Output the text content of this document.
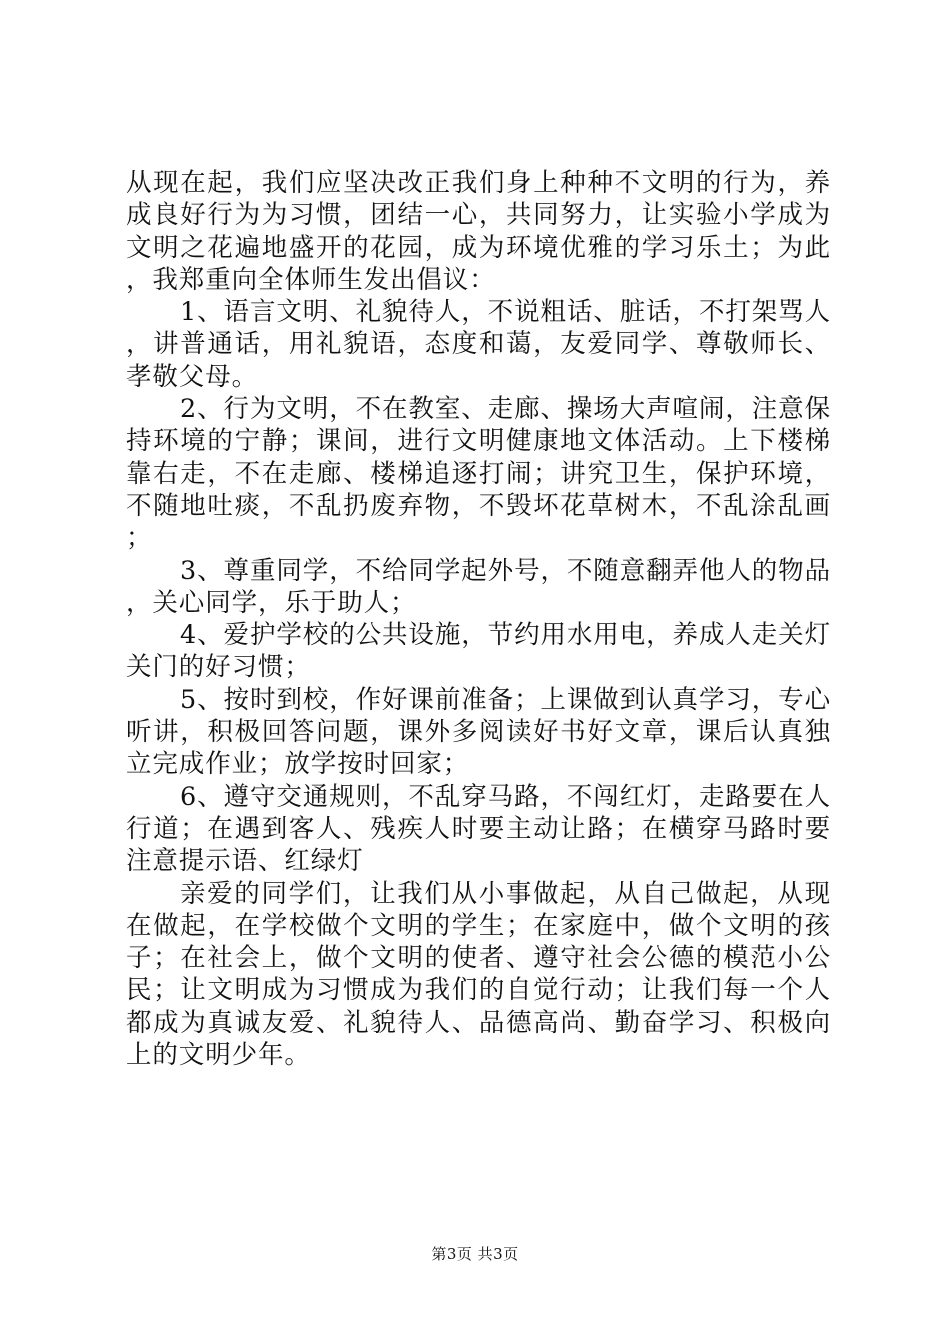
从现在起，我们应坚决改正我们身上种种不文明的行为，养成良好行为为习惯，团结一心，共同努力，让实验小学成为文明之花遍地盛开的花园，成为环境优雅的学习乐土；为此，我郑重向全体师生发出倡议：

1、语言文明、礼貌待人，不说粗话、脏话，不打架骂人，讲普通话，用礼貌语，态度和蔼，友爱同学、尊敬师长、孝敬父母。

2、行为文明，不在教室、走廊、操场大声喧闹，注意保持环境的宁静；课间，进行文明健康地文体活动。上下楼梯靠右走，不在走廊、楼梯追逐打闹；讲究卫生，保护环境，不随地吐痰，不乱扔废弃物，不毁坏花草树木，不乱涂乱画；

3、尊重同学，不给同学起外号，不随意翻弄他人的物品，关心同学，乐于助人；

4、爱护学校的公共设施，节约用水用电，养成人走关灯关门的好习惯；

5、按时到校，作好课前准备；上课做到认真学习，专心听讲，积极回答问题，课外多阅读好书好文章，课后认真独立完成作业；放学按时回家；

6、遵守交通规则，不乱穿马路，不闯红灯，走路要在人行道；在遇到客人、残疾人时要主动让路；在横穿马路时要注意提示语、红绿灯

亲爱的同学们，让我们从小事做起，从自己做起，从现在做起，在学校做个文明的学生；在家庭中，做个文明的孩子；在社会上，做个文明的使者、遵守社会公德的模范小公民；让文明成为习惯成为我们的自觉行动；让我们每一个人都成为真诚友爱、礼貌待人、品德高尚、勤奋学习、积极向上的文明少年。

第3页 共3页
